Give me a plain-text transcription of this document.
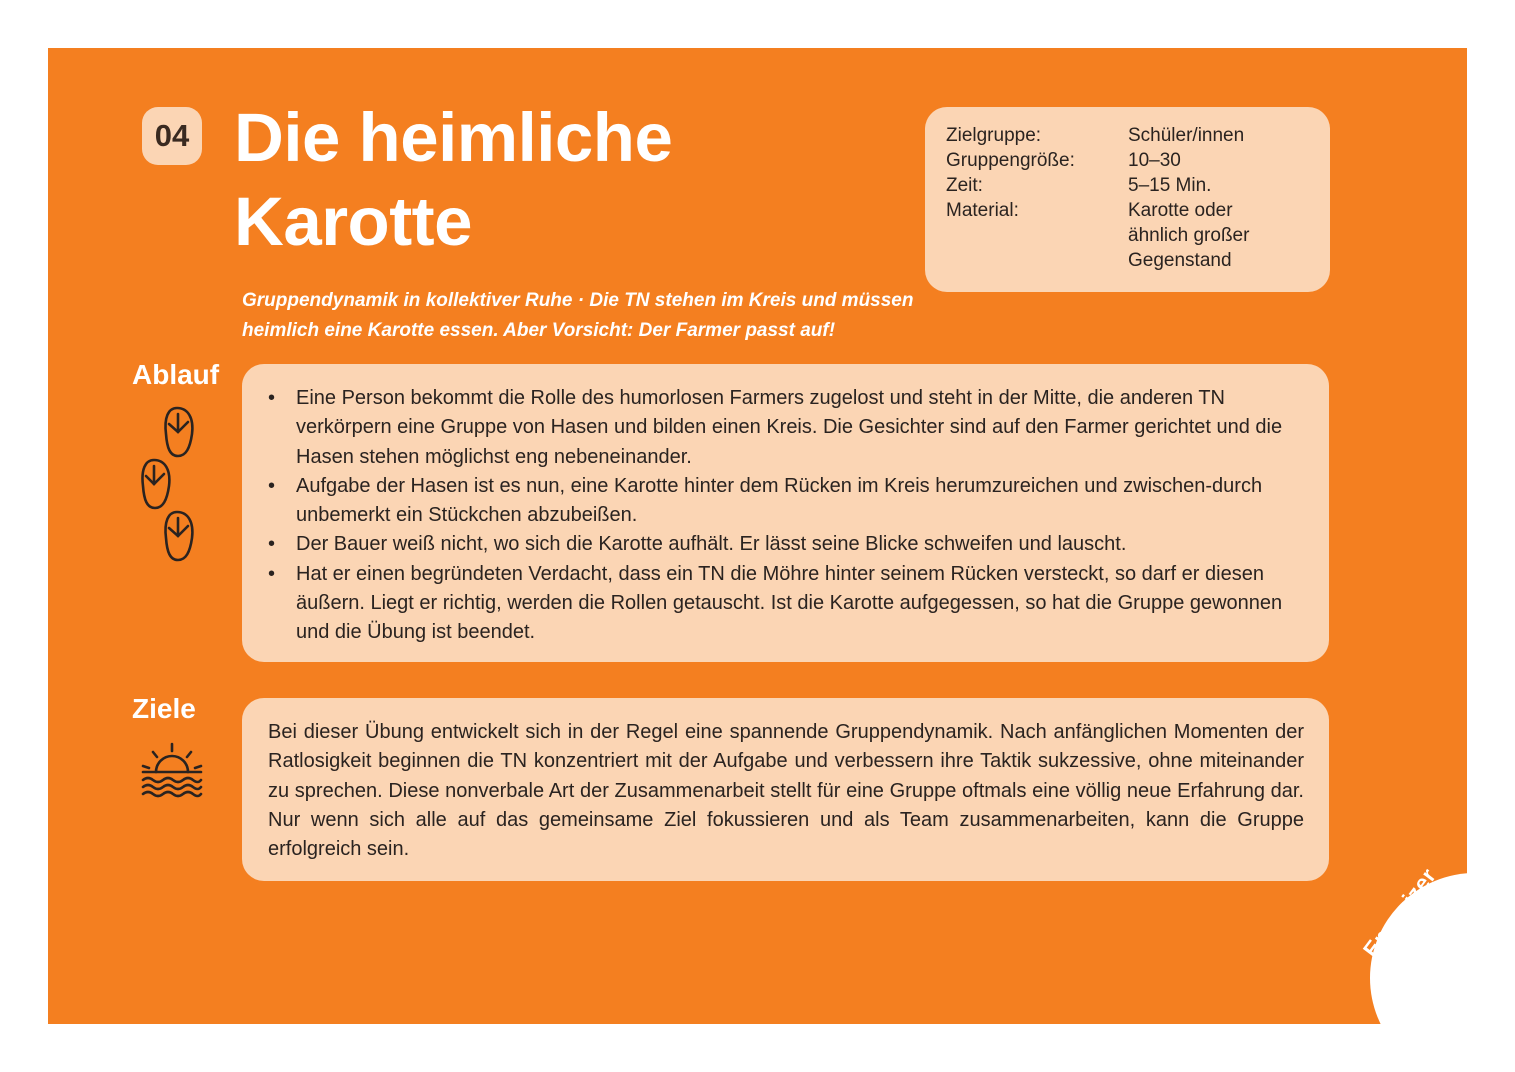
04 Die heimliche
Karotte
Zielgruppe:	Schüler/innen
Gruppengröße:	10–30
Zeit:	5–15 Min.
Material:	Karotte oder ähnlich großer Gegenstand
Gruppendynamik in kollektiver Ruhe · Die TN stehen im Kreis und müssen
heimlich eine Karotte essen. Aber Vorsicht: Der Farmer passt auf!
Ablauf
• Eine Person bekommt die Rolle des humorlosen Farmers zugelost und steht in der Mitte, die anderen TN verkörpern eine Gruppe von Hasen und bilden einen Kreis. Die Gesichter sind auf den Farmer gerichtet und die Hasen stehen möglichst eng nebeneinander.
• Aufgabe der Hasen ist es nun, eine Karotte hinter dem Rücken im Kreis herumzureichen und zwischen-durch unbemerkt ein Stückchen abzubeißen.
• Der Bauer weiß nicht, wo sich die Karotte aufhält. Er lässt seine Blicke schweifen und lauscht.
• Hat er einen begründeten Verdacht, dass ein TN die Möhre hinter seinem Rücken versteckt, so darf er diesen äußern. Liegt er richtig, werden die Rollen getauscht. Ist die Karotte aufgegessen, so hat die Gruppe gewonnen und die Übung ist beendet.
Ziele
Bei dieser Übung entwickelt sich in der Regel eine spannende Gruppendynamik. Nach anfänglichen Momenten der Ratlosigkeit beginnen die TN konzentriert mit der Aufgabe und verbessern ihre Taktik sukzessive, ohne miteinander zu sprechen. Diese nonverbale Art der Zusammenarbeit stellt für eine Gruppe oftmals eine völlig neue Erfahrung dar. Nur wenn sich alle auf das gemeinsame Ziel fokussieren und als Team zusammenarbeiten, kann die Gruppe erfolgreich sein.
Energizer
